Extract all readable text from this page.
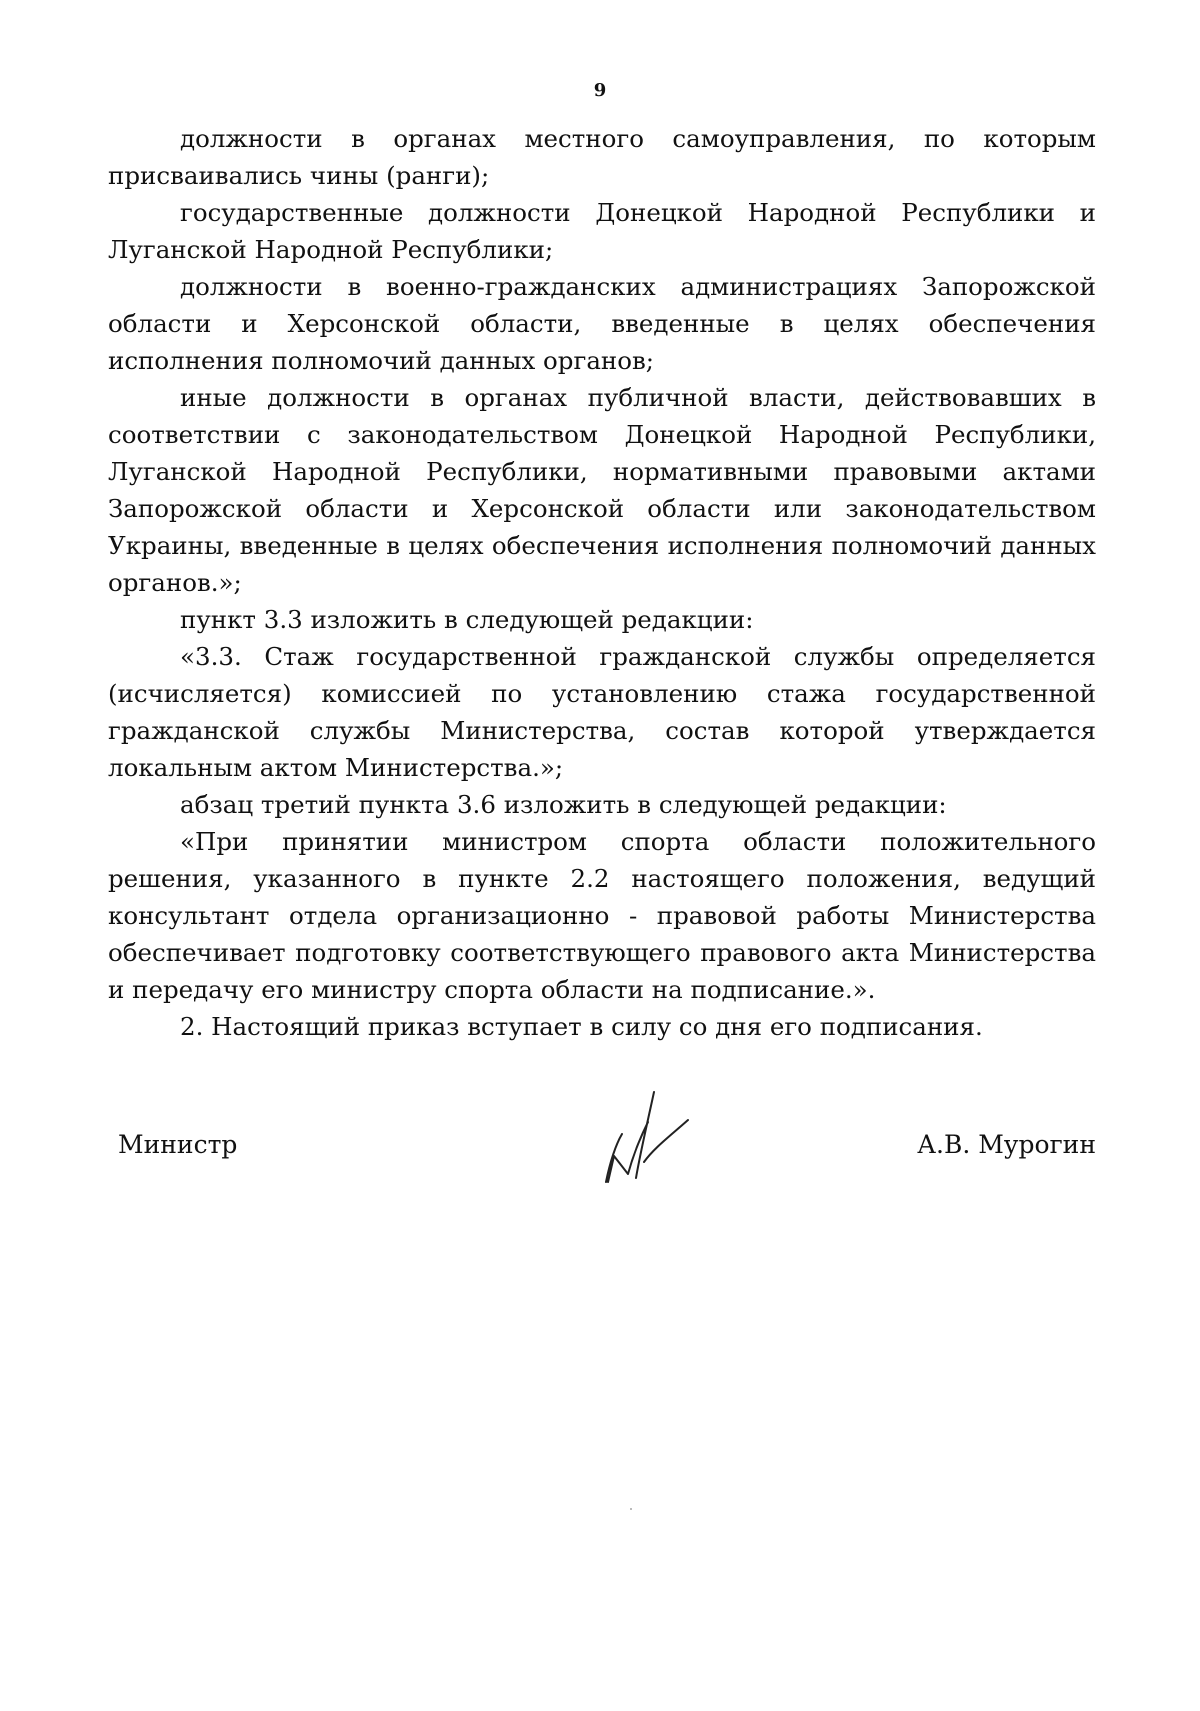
9

должности в органах местного самоуправления, по которым присваивались чины (ранги);

государственные должности Донецкой Народной Республики и Луганской Народной Республики;

должности в военно-гражданских администрациях Запорожской области и Херсонской области, введенные в целях обеспечения исполнения полномочий данных органов;

иные должности в органах публичной власти, действовавших в соответствии с законодательством Донецкой Народной Республики, Луганской Народной Республики, нормативными правовыми актами Запорожской области и Херсонской области или законодательством Украины, введенные в целях обеспечения исполнения полномочий данных органов.»;

пункт 3.3 изложить в следующей редакции:

«3.3. Стаж государственной гражданской службы определяется (исчисляется) комиссией по установлению стажа государственной гражданской службы Министерства, состав которой утверждается локальным актом Министерства.»;

абзац третий пункта 3.6 изложить в следующей редакции:

«При принятии министром спорта области положительного решения, указанного в пункте 2.2 настоящего положения, ведущий консультант отдела организационно - правовой работы Министерства обеспечивает подготовку соответствующего правового акта Министерства и передачу его министру спорта области на подписание.».

2. Настоящий приказ вступает в силу со дня его подписания.

Министр	А.В. Мурогин
